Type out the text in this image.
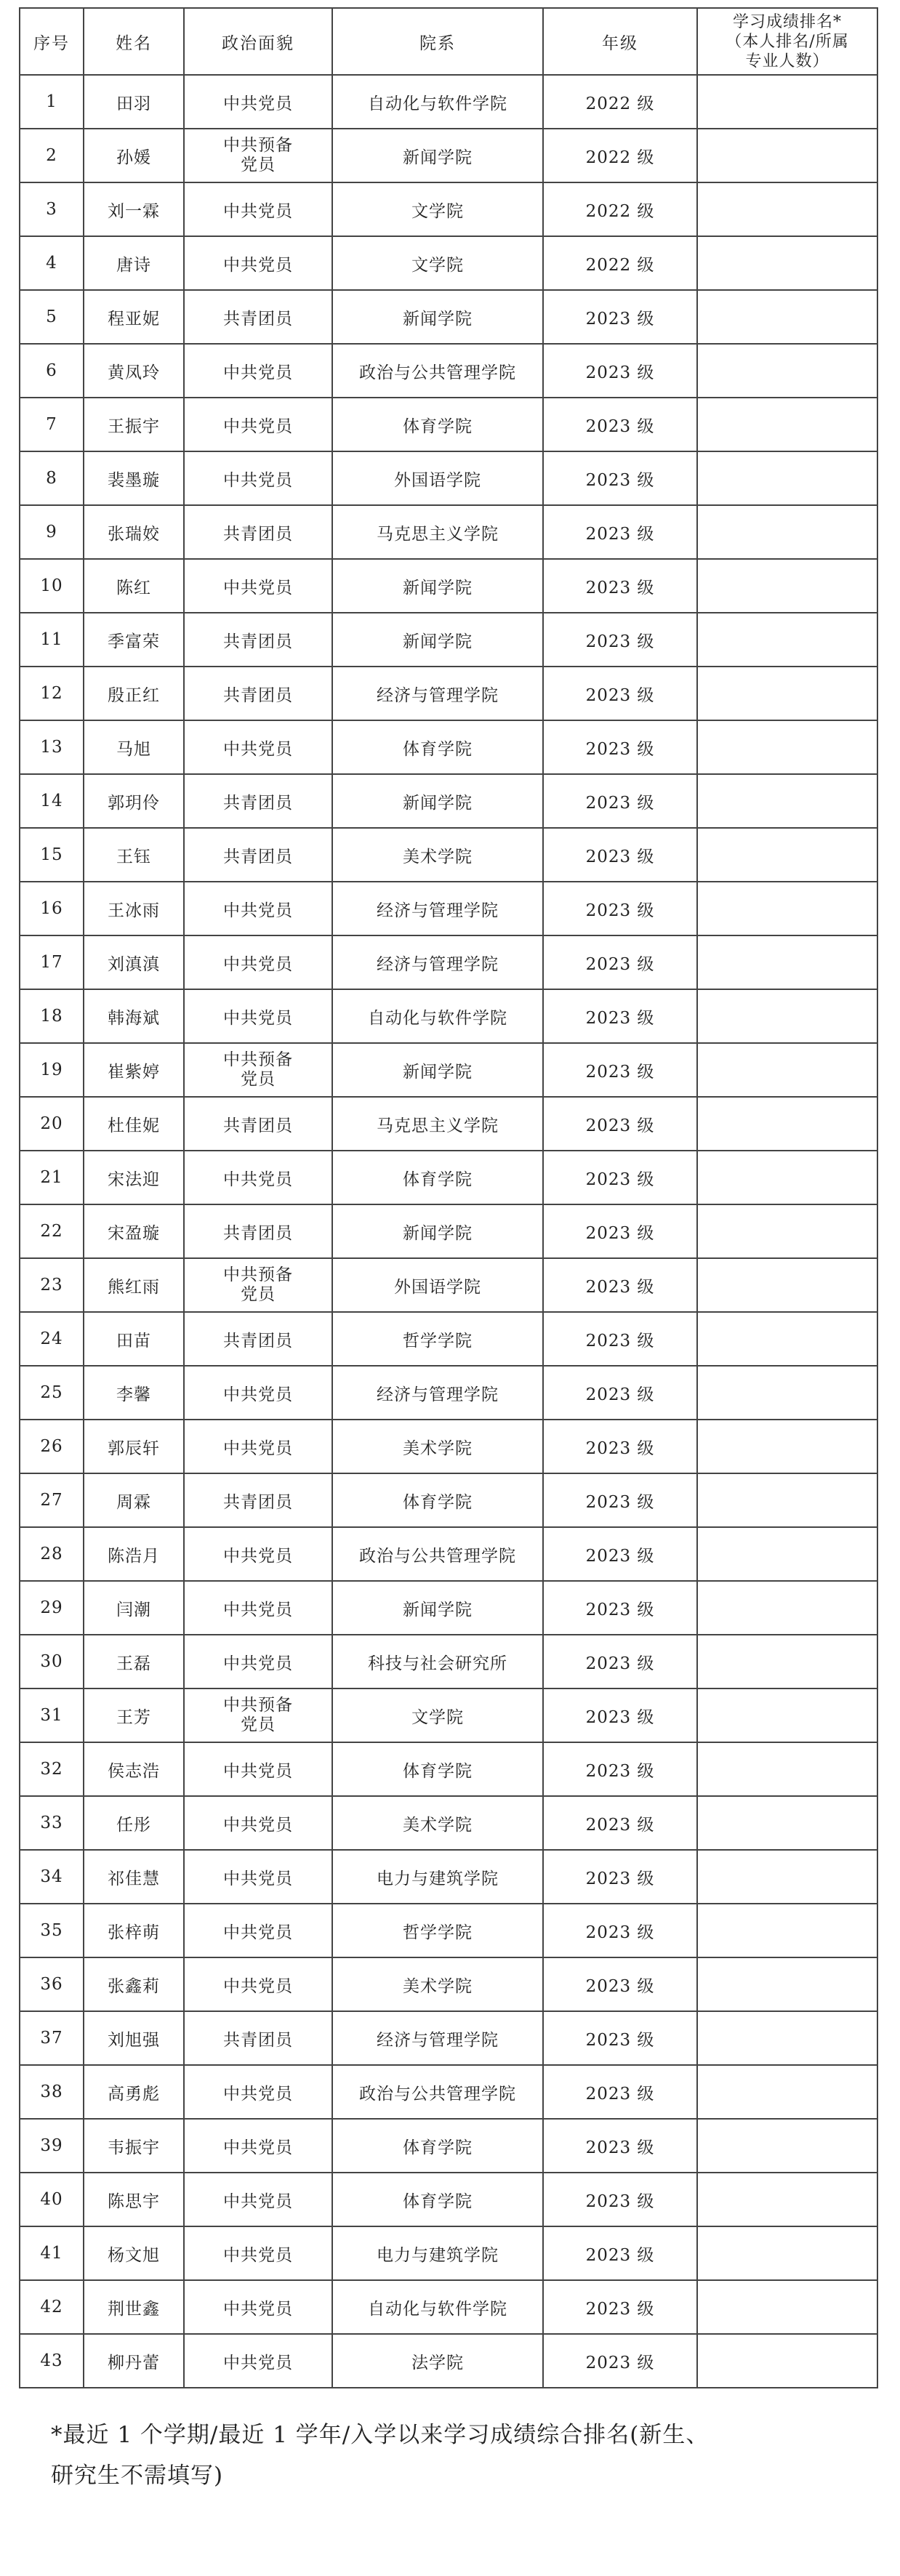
序号	姓名	政治面貌	院系	年级	学习成绩排名*
（本人排名/所属
专业人数）

1	田羽	中共党员	自动化与软件学院	2022 级	
2	孙媛	中共预备
党员	新闻学院	2022 级	
3	刘一霖	中共党员	文学院	2022 级	
4	唐诗	中共党员	文学院	2022 级	
5	程亚妮	共青团员	新闻学院	2023 级	
6	黄凤玲	中共党员	政治与公共管理学院	2023 级	
7	王振宇	中共党员	体育学院	2023 级	
8	裴墨璇	中共党员	外国语学院	2023 级	
9	张瑞姣	共青团员	马克思主义学院	2023 级	
10	陈红	中共党员	新闻学院	2023 级	
11	季富荣	共青团员	新闻学院	2023 级	
12	殷正红	共青团员	经济与管理学院	2023 级	
13	马旭	中共党员	体育学院	2023 级	
14	郭玥伶	共青团员	新闻学院	2023 级	
15	王钰	共青团员	美术学院	2023 级	
16	王冰雨	中共党员	经济与管理学院	2023 级	
17	刘滇滇	中共党员	经济与管理学院	2023 级	
18	韩海斌	中共党员	自动化与软件学院	2023 级	
19	崔紫婷	中共预备
党员	新闻学院	2023 级	
20	杜佳妮	共青团员	马克思主义学院	2023 级	
21	宋法迎	中共党员	体育学院	2023 级	
22	宋盈璇	共青团员	新闻学院	2023 级	
23	熊红雨	中共预备
党员	外国语学院	2023 级	
24	田苗	共青团员	哲学学院	2023 级	
25	李馨	中共党员	经济与管理学院	2023 级	
26	郭辰轩	中共党员	美术学院	2023 级	
27	周霖	共青团员	体育学院	2023 级	
28	陈浩月	中共党员	政治与公共管理学院	2023 级	
29	闫潮	中共党员	新闻学院	2023 级	
30	王磊	中共党员	科技与社会研究所	2023 级	
31	王芳	中共预备
党员	文学院	2023 级	
32	侯志浩	中共党员	体育学院	2023 级	
33	任彤	中共党员	美术学院	2023 级	
34	祁佳慧	中共党员	电力与建筑学院	2023 级	
35	张梓萌	中共党员	哲学学院	2023 级	
36	张鑫莉	中共党员	美术学院	2023 级	
37	刘旭强	共青团员	经济与管理学院	2023 级	
38	高勇彪	中共党员	政治与公共管理学院	2023 级	
39	韦振宇	中共党员	体育学院	2023 级	
40	陈思宇	中共党员	体育学院	2023 级	
41	杨文旭	中共党员	电力与建筑学院	2023 级	
42	荆世鑫	中共党员	自动化与软件学院	2023 级	
43	柳丹蕾	中共党员	法学院	2023 级	
*最近 1 个学期/最近 1 学年/入学以来学习成绩综合排名(新生、
研究生不需填写)
